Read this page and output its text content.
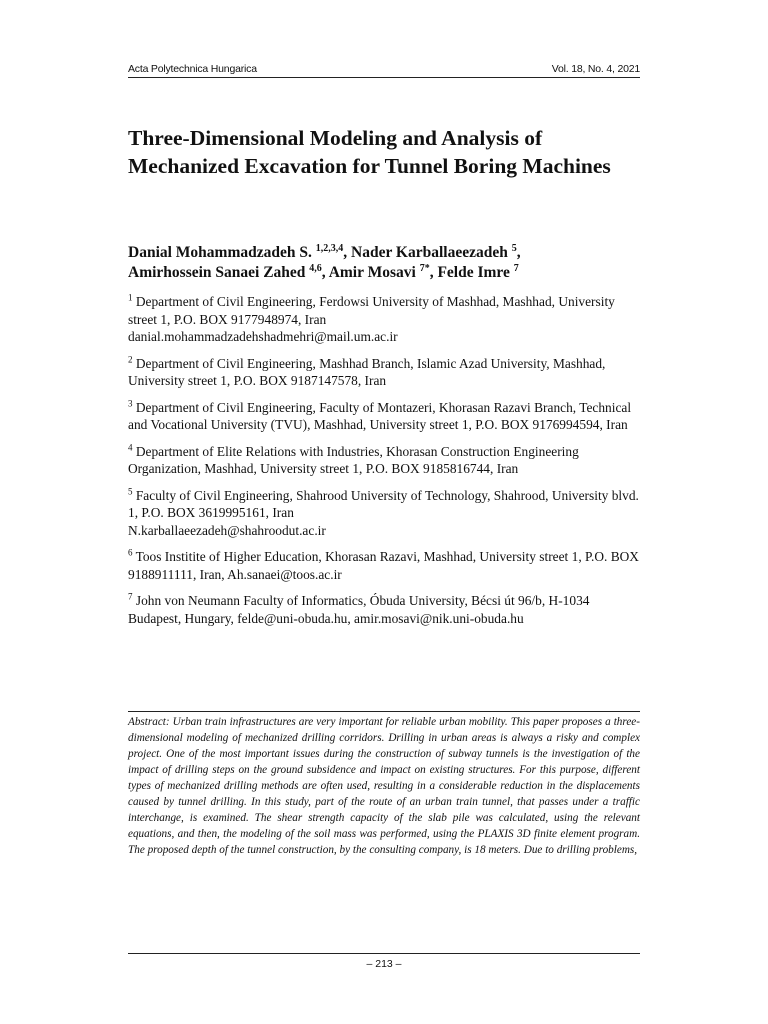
Acta Polytechnica Hungarica	Vol. 18, No. 4, 2021
Three-Dimensional Modeling and Analysis of Mechanized Excavation for Tunnel Boring Machines
Danial Mohammadzadeh S. $^{1,2,3,4}$, Nader Karballaeezadeh $^5$,
Amirhossein Sanaei Zahed $^{4,6}$, Amir Mosavi $^{7*}$, Felde Imre $^7$

$^1$ Department of Civil Engineering, Ferdowsi University of Mashhad, Mashhad, University street 1, P.O. BOX 9177948974, Iran
danial.mohammadzadehshadmehri@mail.um.ac.ir

$^2$ Department of Civil Engineering, Mashhad Branch, Islamic Azad University, Mashhad, University street 1, P.O. BOX 9187147578, Iran

$^3$ Department of Civil Engineering, Faculty of Montazeri, Khorasan Razavi Branch, Technical and Vocational University (TVU), Mashhad, University street 1, P.O. BOX 9176994594, Iran

$^4$ Department of Elite Relations with Industries, Khorasan Construction Engineering Organization, Mashhad, University street 1, P.O. BOX 9185816744, Iran

$^5$ Faculty of Civil Engineering, Shahrood University of Technology, Shahrood, University blvd. 1, P.O. BOX 3619995161, Iran
N.karballaeezadeh@shahroodut.ac.ir

$^6$ Toos Institite of Higher Education, Khorasan Razavi, Mashhad, University street 1, P.O. BOX 9188911111, Iran, Ah.sanaei@toos.ac.ir

$^7$ John von Neumann Faculty of Informatics, Óbuda University, Bécsi út 96/b, H-1034 Budapest, Hungary, felde@uni-obuda.hu, amir.mosavi@nik.uni-obuda.hu

Abstract: Urban train infrastructures are very important for reliable urban mobility. This paper proposes a three-dimensional modeling of mechanized drilling corridors. Drilling in urban areas is always a risky and complex project. One of the most important issues during the construction of subway tunnels is the investigation of the impact of drilling steps on the ground subsidence and impact on existing structures. For this purpose, different types of mechanized drilling methods are often used, resulting in a considerable reduction in the displacements caused by tunnel drilling. In this study, part of the route of an urban train tunnel, that passes under a traffic interchange, is examined. The shear strength capacity of the slab pile was calculated, using the relevant equations, and then, the modeling of the soil mass was performed, using the PLAXIS 3D finite element program. The proposed depth of the tunnel construction, by the consulting company, is 18 meters. Due to drilling problems,

– 213 –
